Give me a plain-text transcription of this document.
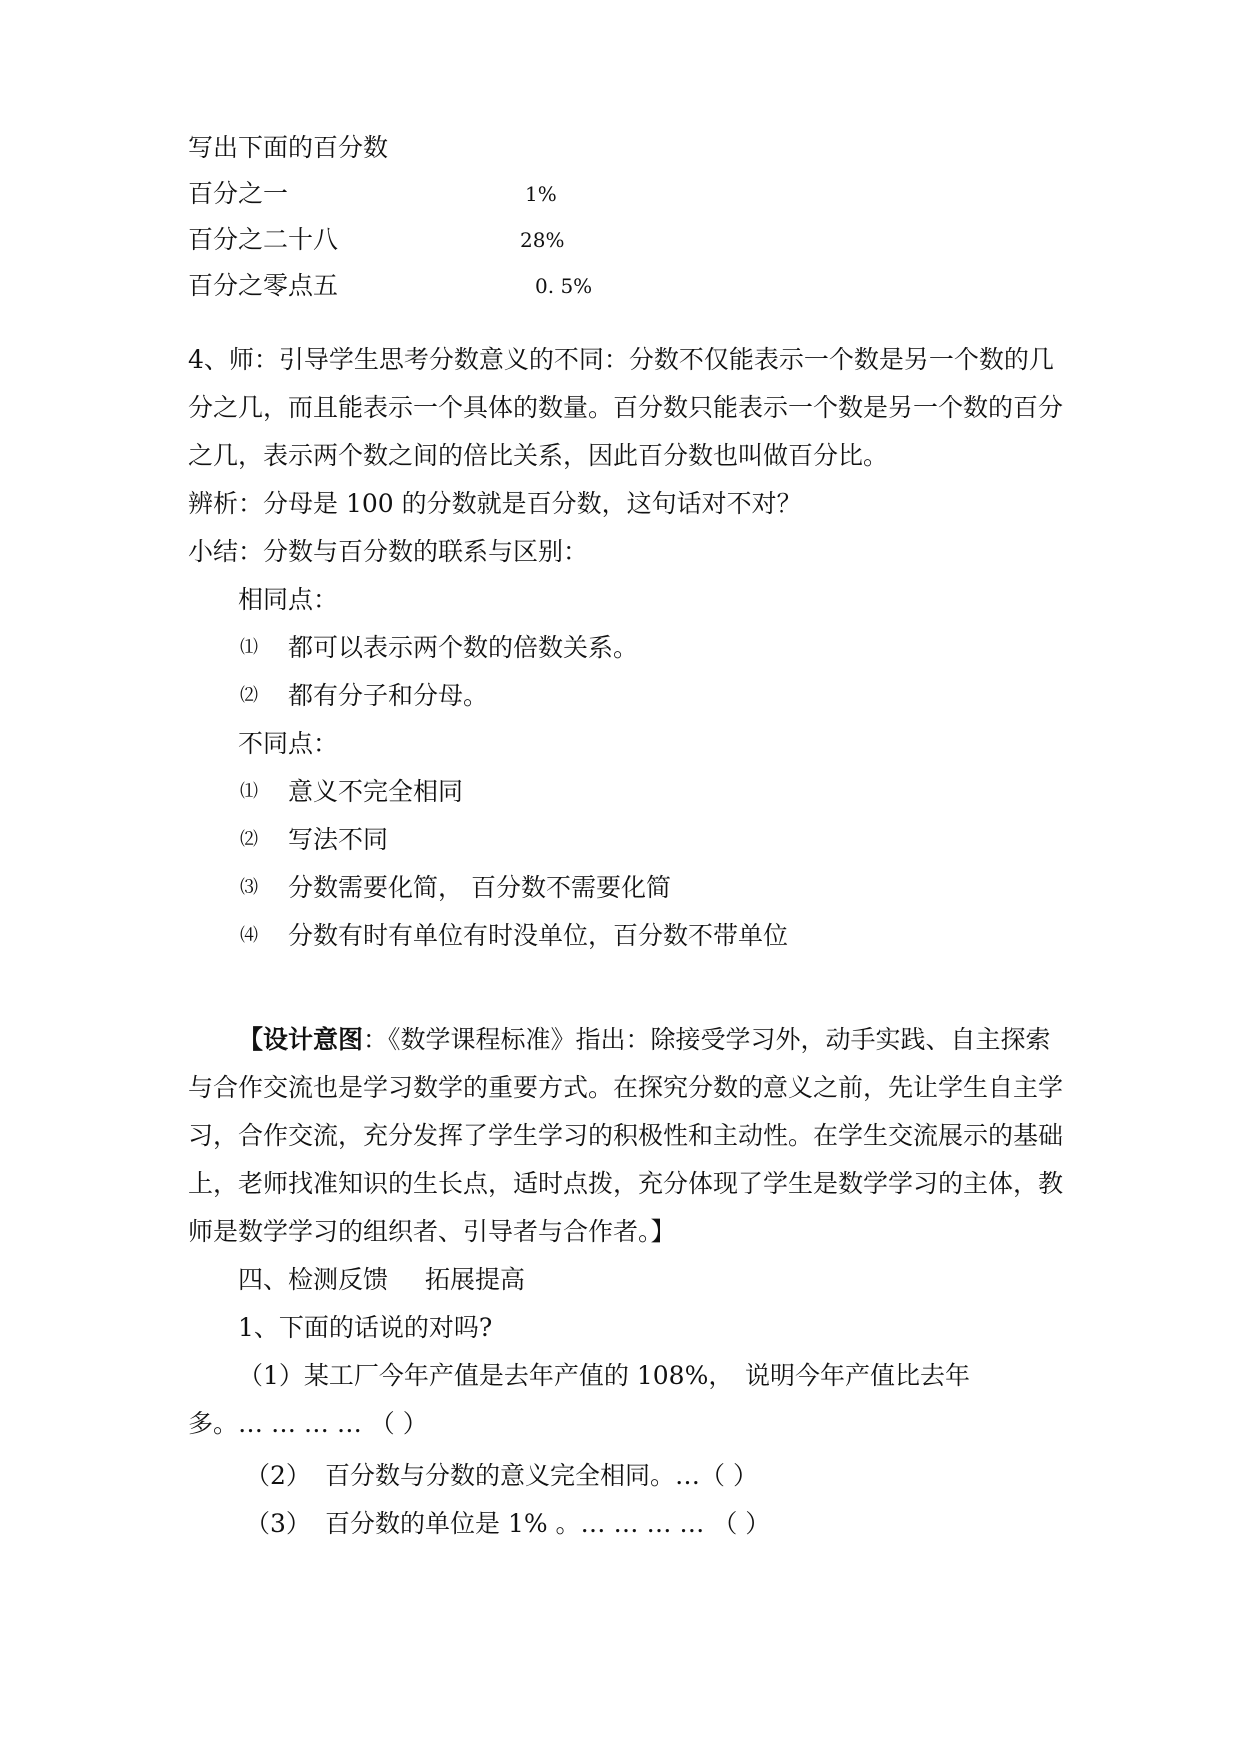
写出下面的百分数
百分之一	1%
百分之二十八	28%
百分之零点五	0. 5%
4、师：引导学生思考分数意义的不同：分数不仅能表示一个数是另一个数的几
分之几，而且能表示一个具体的数量。百分数只能表示一个数是另一个数的百分
之几，表示两个数之间的倍比关系，因此百分数也叫做百分比。
辨析：分母是 100 的分数就是百分数，这句话对不对？
小结：分数与百分数的联系与区别：
相同点：
⑴ 都可以表示两个数的倍数关系。
⑵ 都有分子和分母。
不同点：
⑴ 意义不完全相同
⑵ 写法不同
⑶ 分数需要化简， 百分数不需要化简
⑷ 分数有时有单位有时没单位，百分数不带单位
【设计意图：《数学课程标准》指出：除接受学习外，动手实践、自主探索
与合作交流也是学习数学的重要方式。在探究分数的意义之前，先让学生自主学
习，合作交流，充分发挥了学生学习的积极性和主动性。在学生交流展示的基础
上，老师找准知识的生长点，适时点拨，充分体现了学生是数学学习的主体，教
师是数学学习的组织者、引导者与合作者。】
四、检测反馈 拓展提高
1、下面的话说的对吗?
（1）某工厂今年产值是去年产值的 108%， 说明今年产值比去年
多。… … … … （ ）
（2） 百分数与分数的意义完全相同。…（ ）
（3） 百分数的单位是 1% 。… … … … （ ）
